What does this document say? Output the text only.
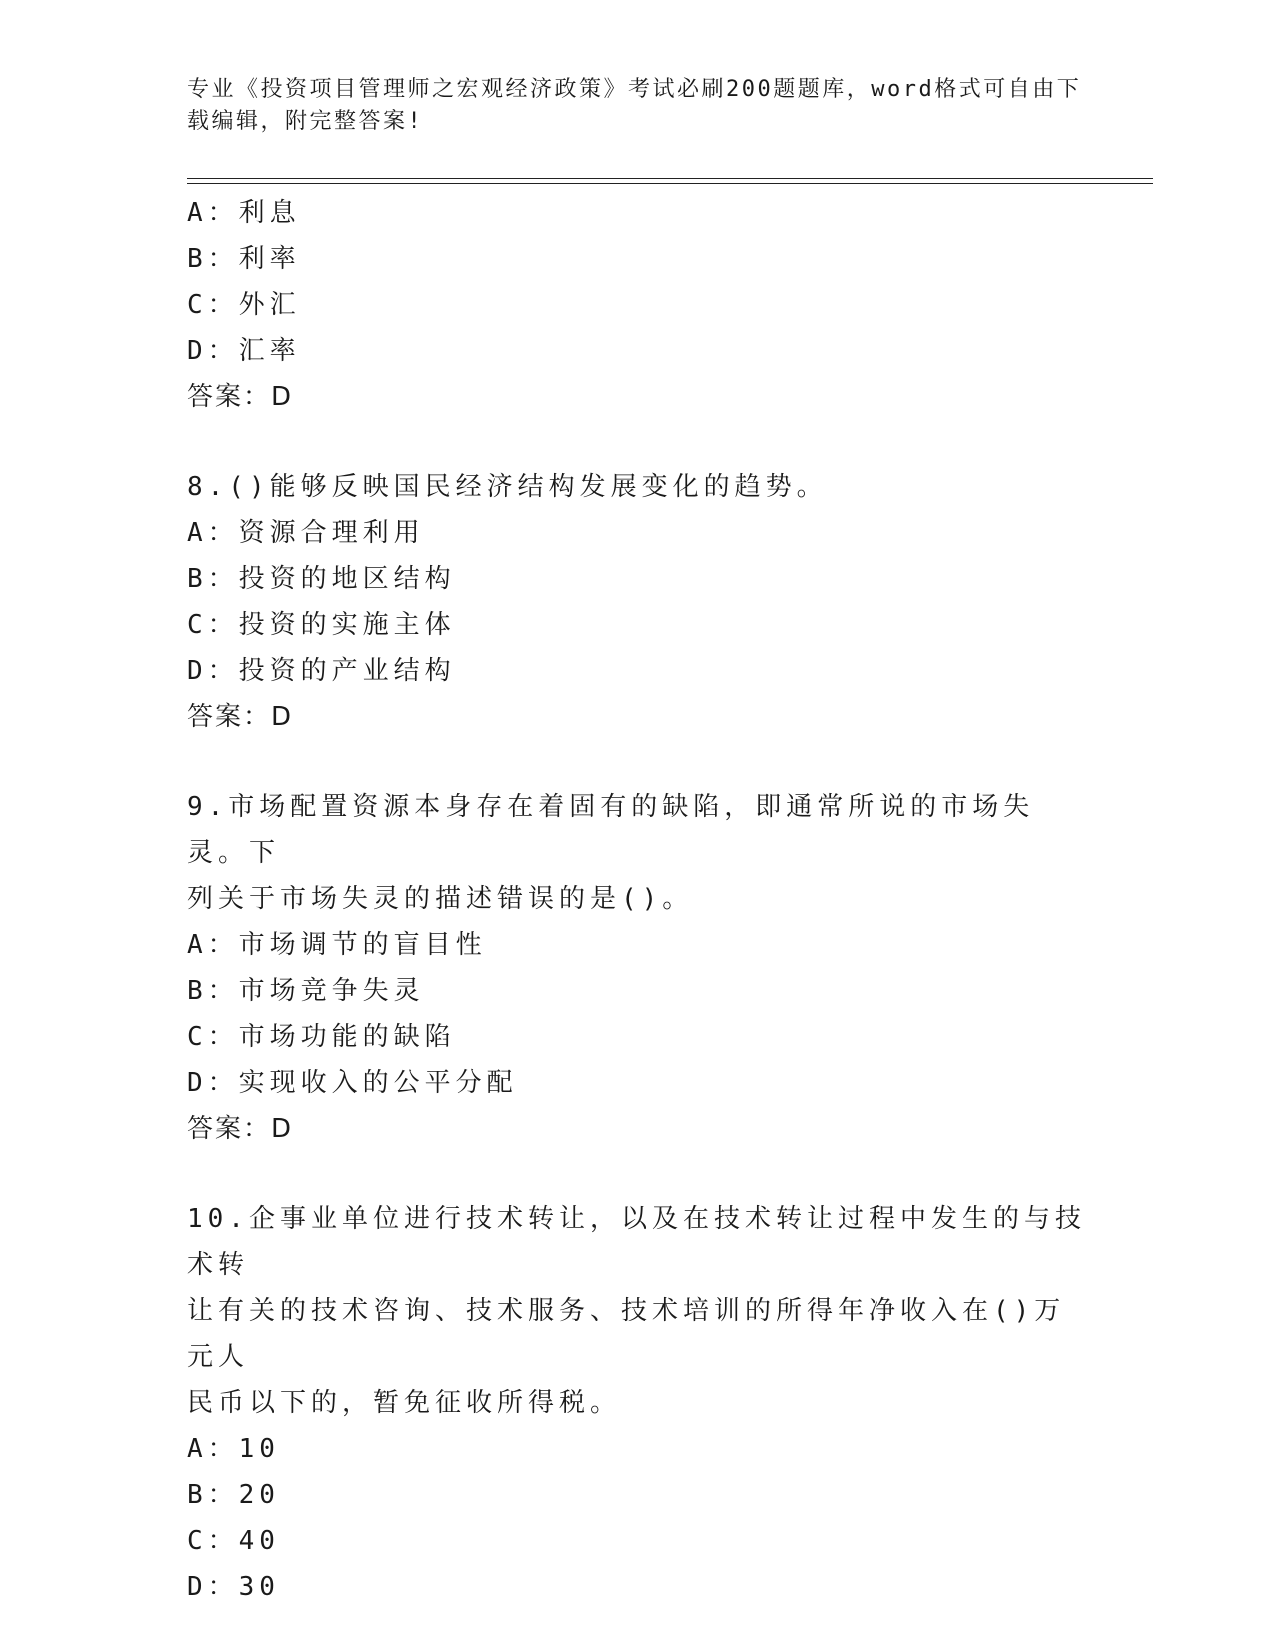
专业《投资项目管理师之宏观经济政策》考试必刷200题题库，word格式可自由下载编辑，附完整答案!
A：利息
B：利率
C：外汇
D：汇率
答案：D
8.()能够反映国民经济结构发展变化的趋势。
A：资源合理利用
B：投资的地区结构
C：投资的实施主体
D：投资的产业结构
答案：D
9.市场配置资源本身存在着固有的缺陷，即通常所说的市场失灵。下
列关于市场失灵的描述错误的是()。
A：市场调节的盲目性
B：市场竞争失灵
C：市场功能的缺陷
D：实现收入的公平分配
答案：D
10.企事业单位进行技术转让，以及在技术转让过程中发生的与技术转
让有关的技术咨询、技术服务、技术培训的所得年净收入在()万元人
民币以下的，暂免征收所得税。
A：10
B：20
C：40
D：30
